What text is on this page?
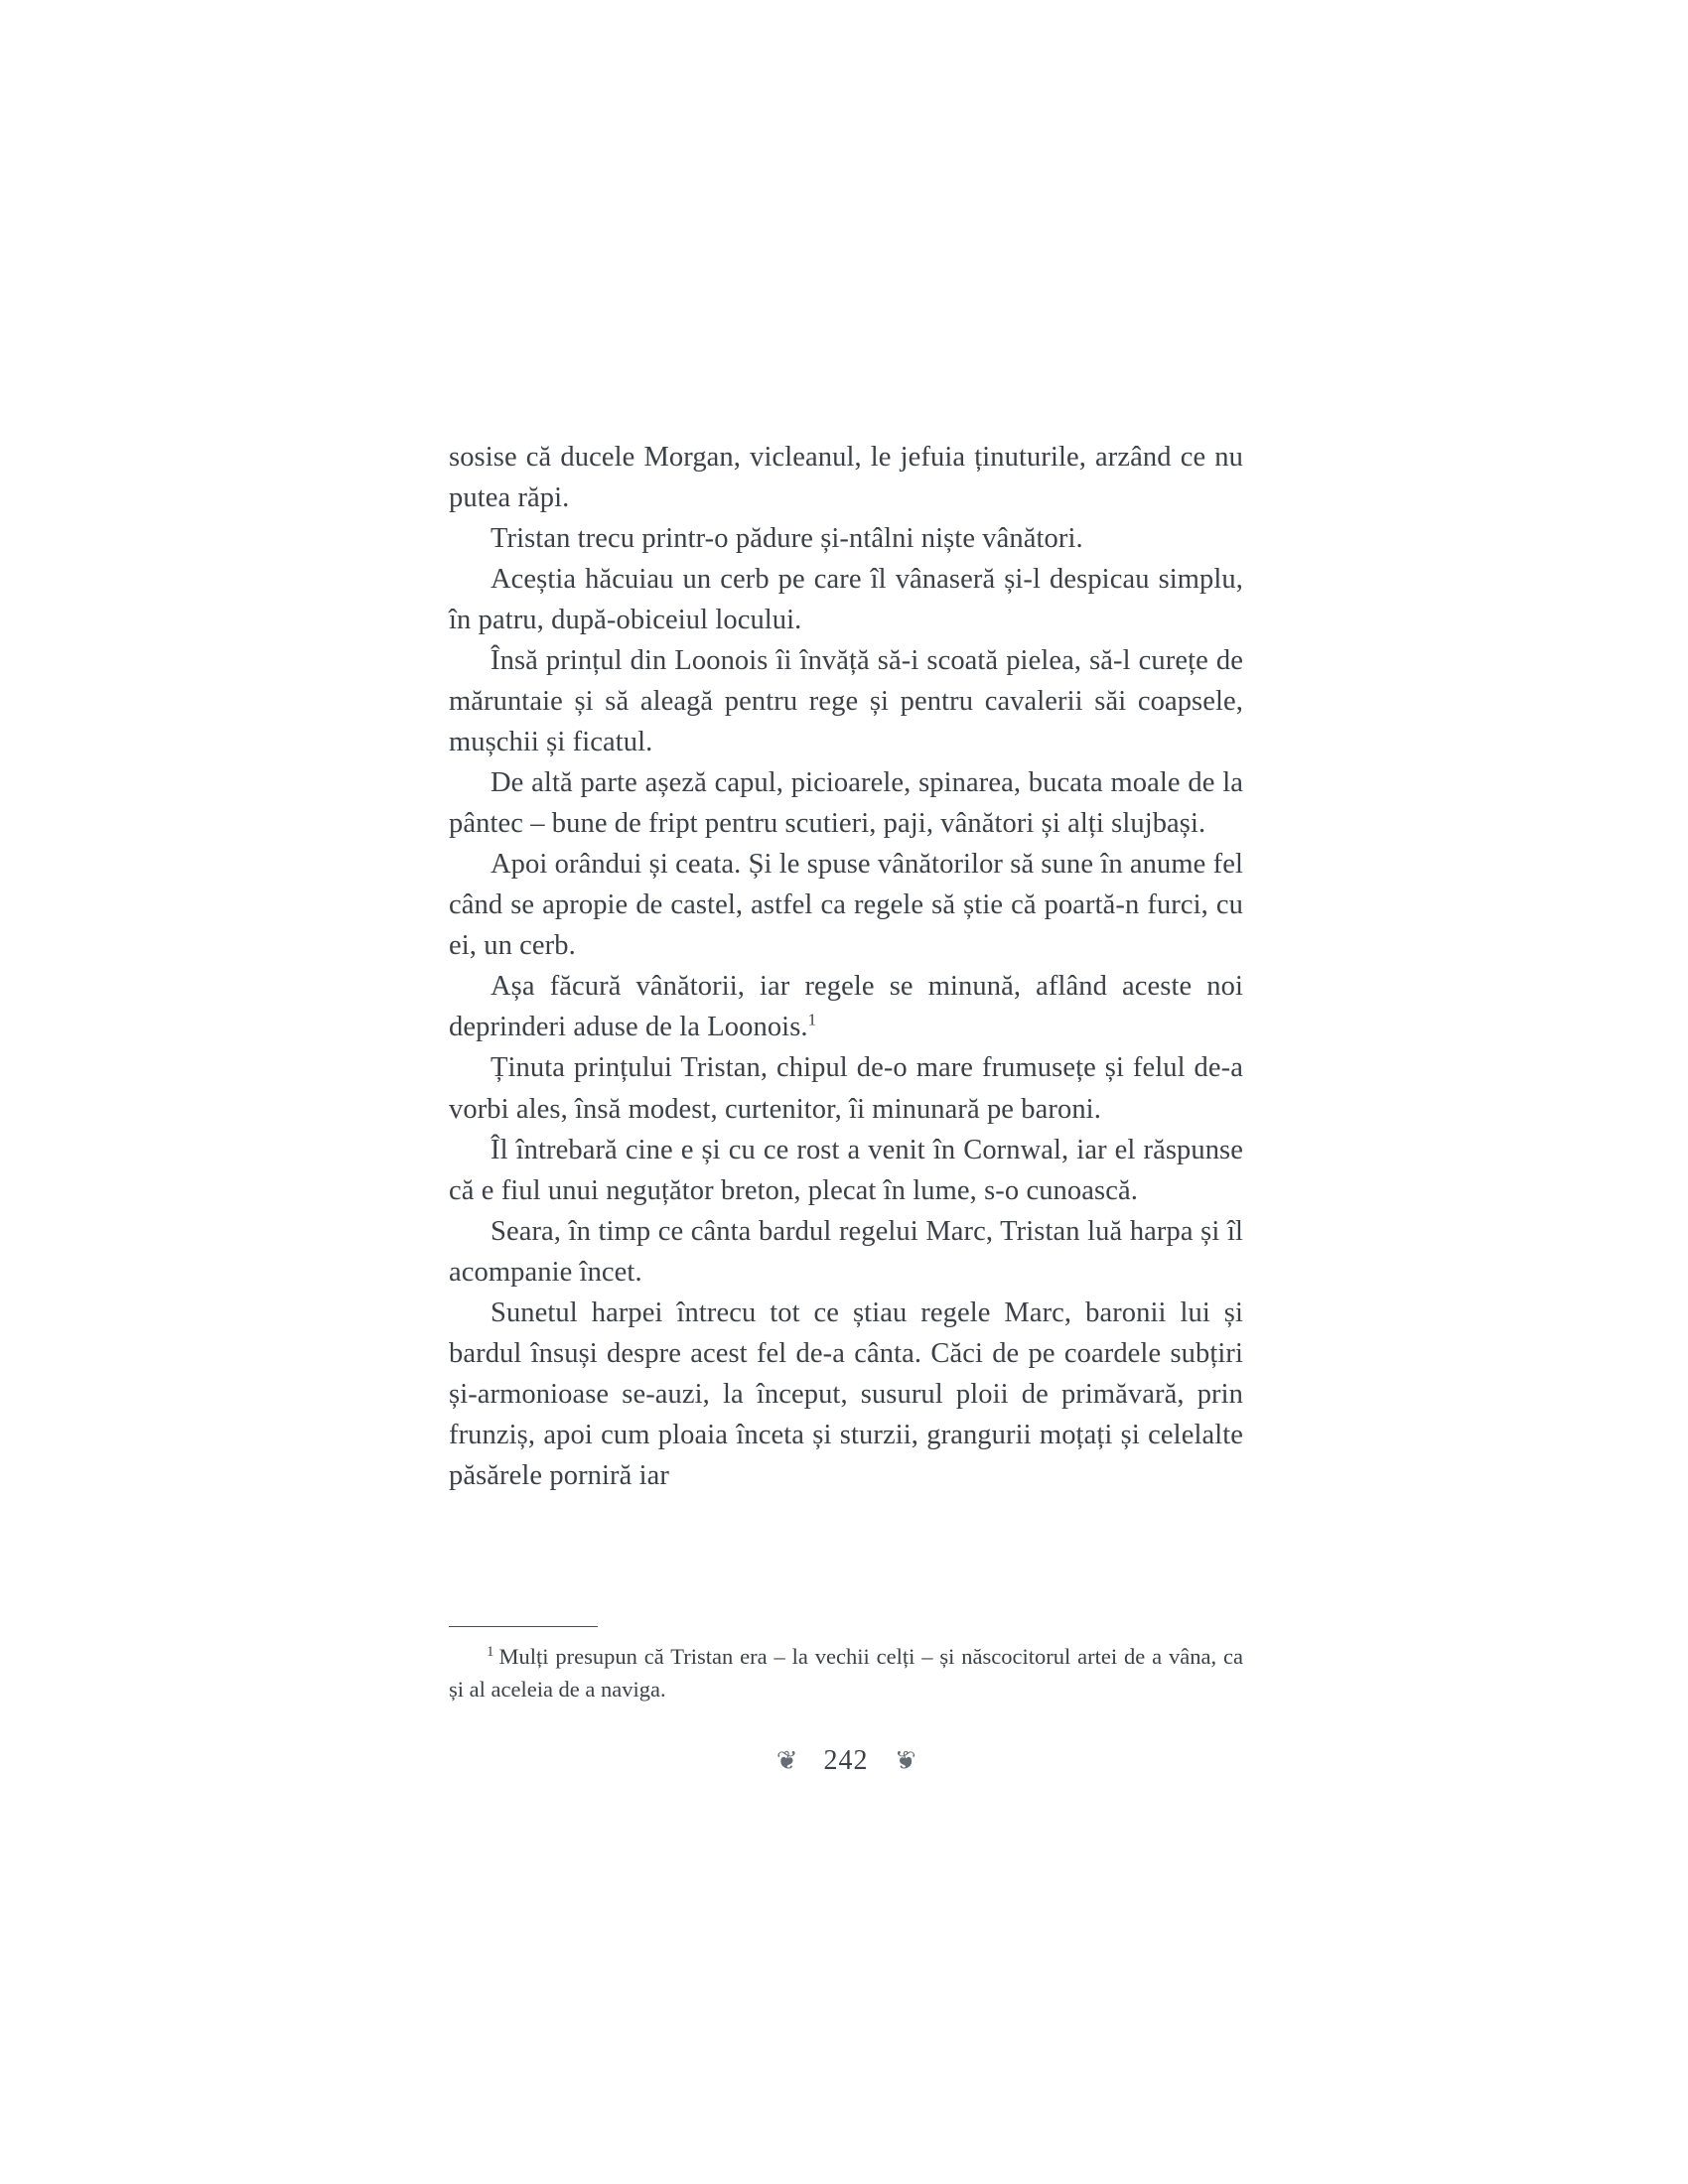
sosise că ducele Morgan, vicleanul, le jefuia ținuturile, arzând ce nu putea răpi.

Tristan trecu printr-o pădure și-ntâlni niște vânători.

Aceștia hăcuiau un cerb pe care îl vânaseră și-l despicau simplu, în patru, după-obiceiul locului.

Însă prințul din Loonois îi învăță să-i scoată pielea, să-l curețe de măruntaie și să aleagă pentru rege și pentru cavalerii săi coapsele, mușchii și ficatul.

De altă parte așeză capul, picioarele, spinarea, bucata moale de la pântec – bune de fript pentru scutieri, paji, vânători și alți slujbași.

Apoi orândui și ceata. Și le spuse vânătorilor să sune în anume fel când se apropie de castel, astfel ca regele să știe că poartă-n furci, cu ei, un cerb.

Așa făcură vânătorii, iar regele se minună, aflând aceste noi deprinderi aduse de la Loonois.$^1$

Ținuta prințului Tristan, chipul de-o mare frumusețe și felul de-a vorbi ales, însă modest, curtenitor, îi minunară pe baroni.

Îl întrebară cine e și cu ce rost a venit în Cornwal, iar el răspunse că e fiul unui neguțător breton, plecat în lume, s-o cunoască.

Seara, în timp ce cânta bardul regelui Marc, Tristan luă harpa și îl acompanie încet.

Sunetul harpei întrecu tot ce știau regele Marc, baronii lui și bardul însuși despre acest fel de-a cânta. Căci de pe coardele subțiri și-armonioase se-auzi, la început, susurul ploii de primăvară, prin frunziș, apoi cum ploaia înceta și sturzii, grangurii moțați și celelalte păsărele porniră iar

$^1$ Mulți presupun că Tristan era – la vechii celți – și născocitorul artei de a vâna, ca și al aceleia de a naviga.

❦ 242 ❦
